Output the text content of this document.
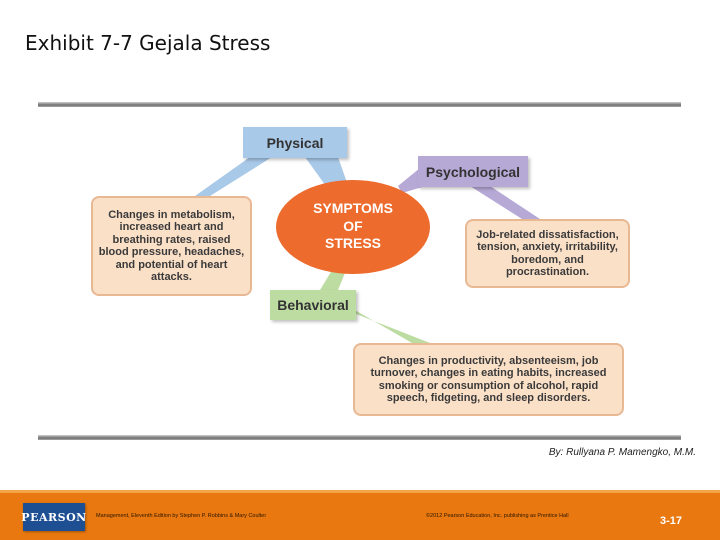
Exhibit 7-7 Gejala Stress
SYMPTOMS
OF
STRESS
Physical
Psychological
Behavioral
Changes in metabolism,
increased heart and
breathing rates, raised
blood pressure, headaches,
and potential of heart
attacks.
Job-related dissatisfaction,
tension, anxiety, irritability,
boredom, and
procrastination.
Changes in productivity, absenteeism, job
turnover, changes in eating habits, increased
smoking or consumption of alcohol, rapid
speech, fidgeting, and sleep disorders.
By: Rullyana P. Mamengko, M.M.
PEARSON Management, Eleventh Edition by Stephen P. Robbins & Mary Coulter	©2012 Pearson Education, Inc. publishing as Prentice Hall	3-17
